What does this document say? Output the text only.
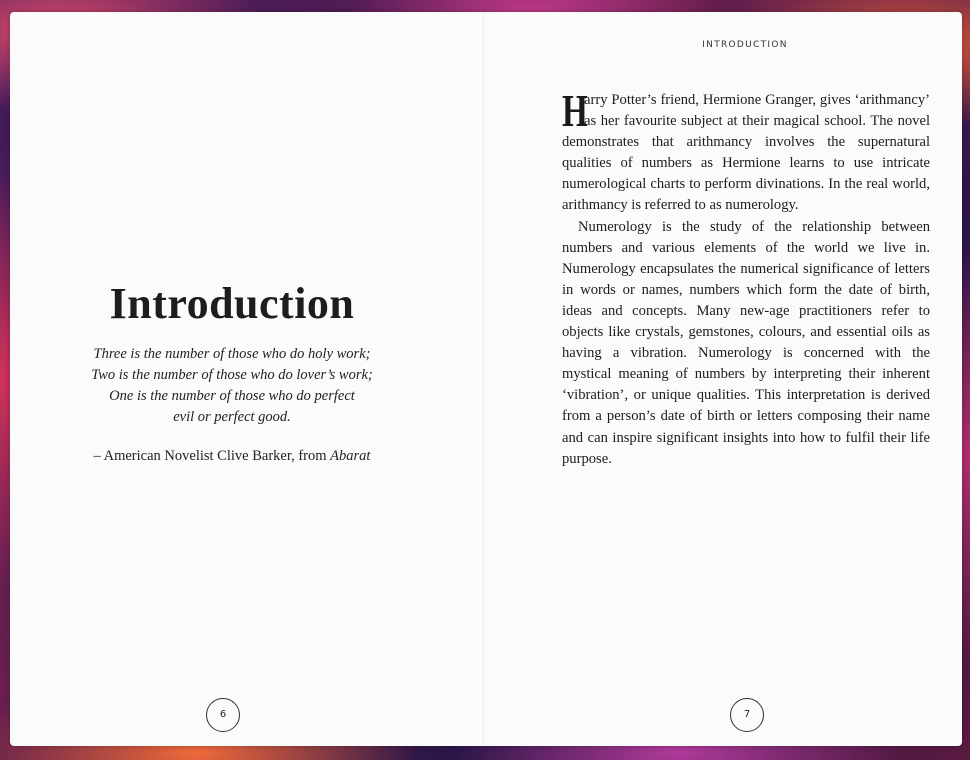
Introduction
Three is the number of those who do holy work;
Two is the number of those who do lover’s work;
One is the number of those who do perfect
evil or perfect good.
– American Novelist Clive Barker, from Abarat
6
INTRODUCTION

H
arry Potter’s friend, Hermione Granger, gives ‘arithmancy’ as her favourite subject at their magical school. The novel demonstrates that arithmancy involves the supernatural qualities of numbers as Hermione learns to use intricate numerological charts to perform divinations. In the real world, arithmancy is referred to as numerology.

Numerology is the study of the relationship between numbers and various elements of the world we live in. Numerology encapsulates the numerical significance of letters in words or names, numbers which form the date of birth, ideas and concepts. Many new-age practitioners refer to objects like crystals, gemstones, colours, and essential oils as having a vibration. Numerology is concerned with the mystical meaning of numbers by interpreting their inherent ‘vibration’, or unique qualities. This interpretation is derived from a person’s date of birth or letters composing their name and can inspire significant insights into how to fulfil their life purpose.

7
